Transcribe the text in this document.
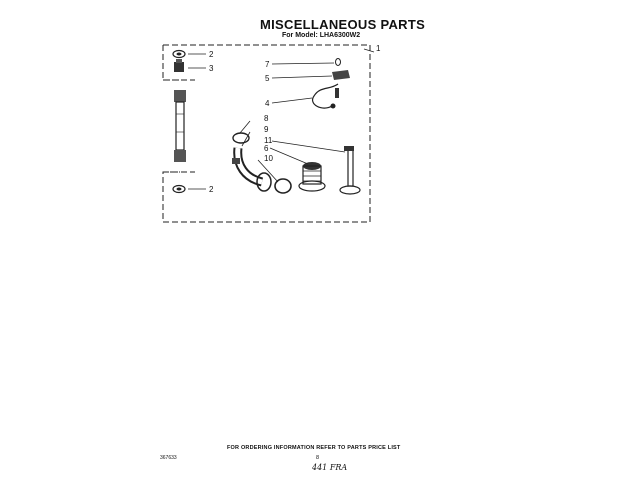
MISCELLANEOUS PARTS
For Model: LHA6300W2
1
2
3
2
7
5
4
8
9
11
6
10
FOR ORDERING INFORMATION REFER TO PARTS PRICE LIST
367633	8
441 FRA
